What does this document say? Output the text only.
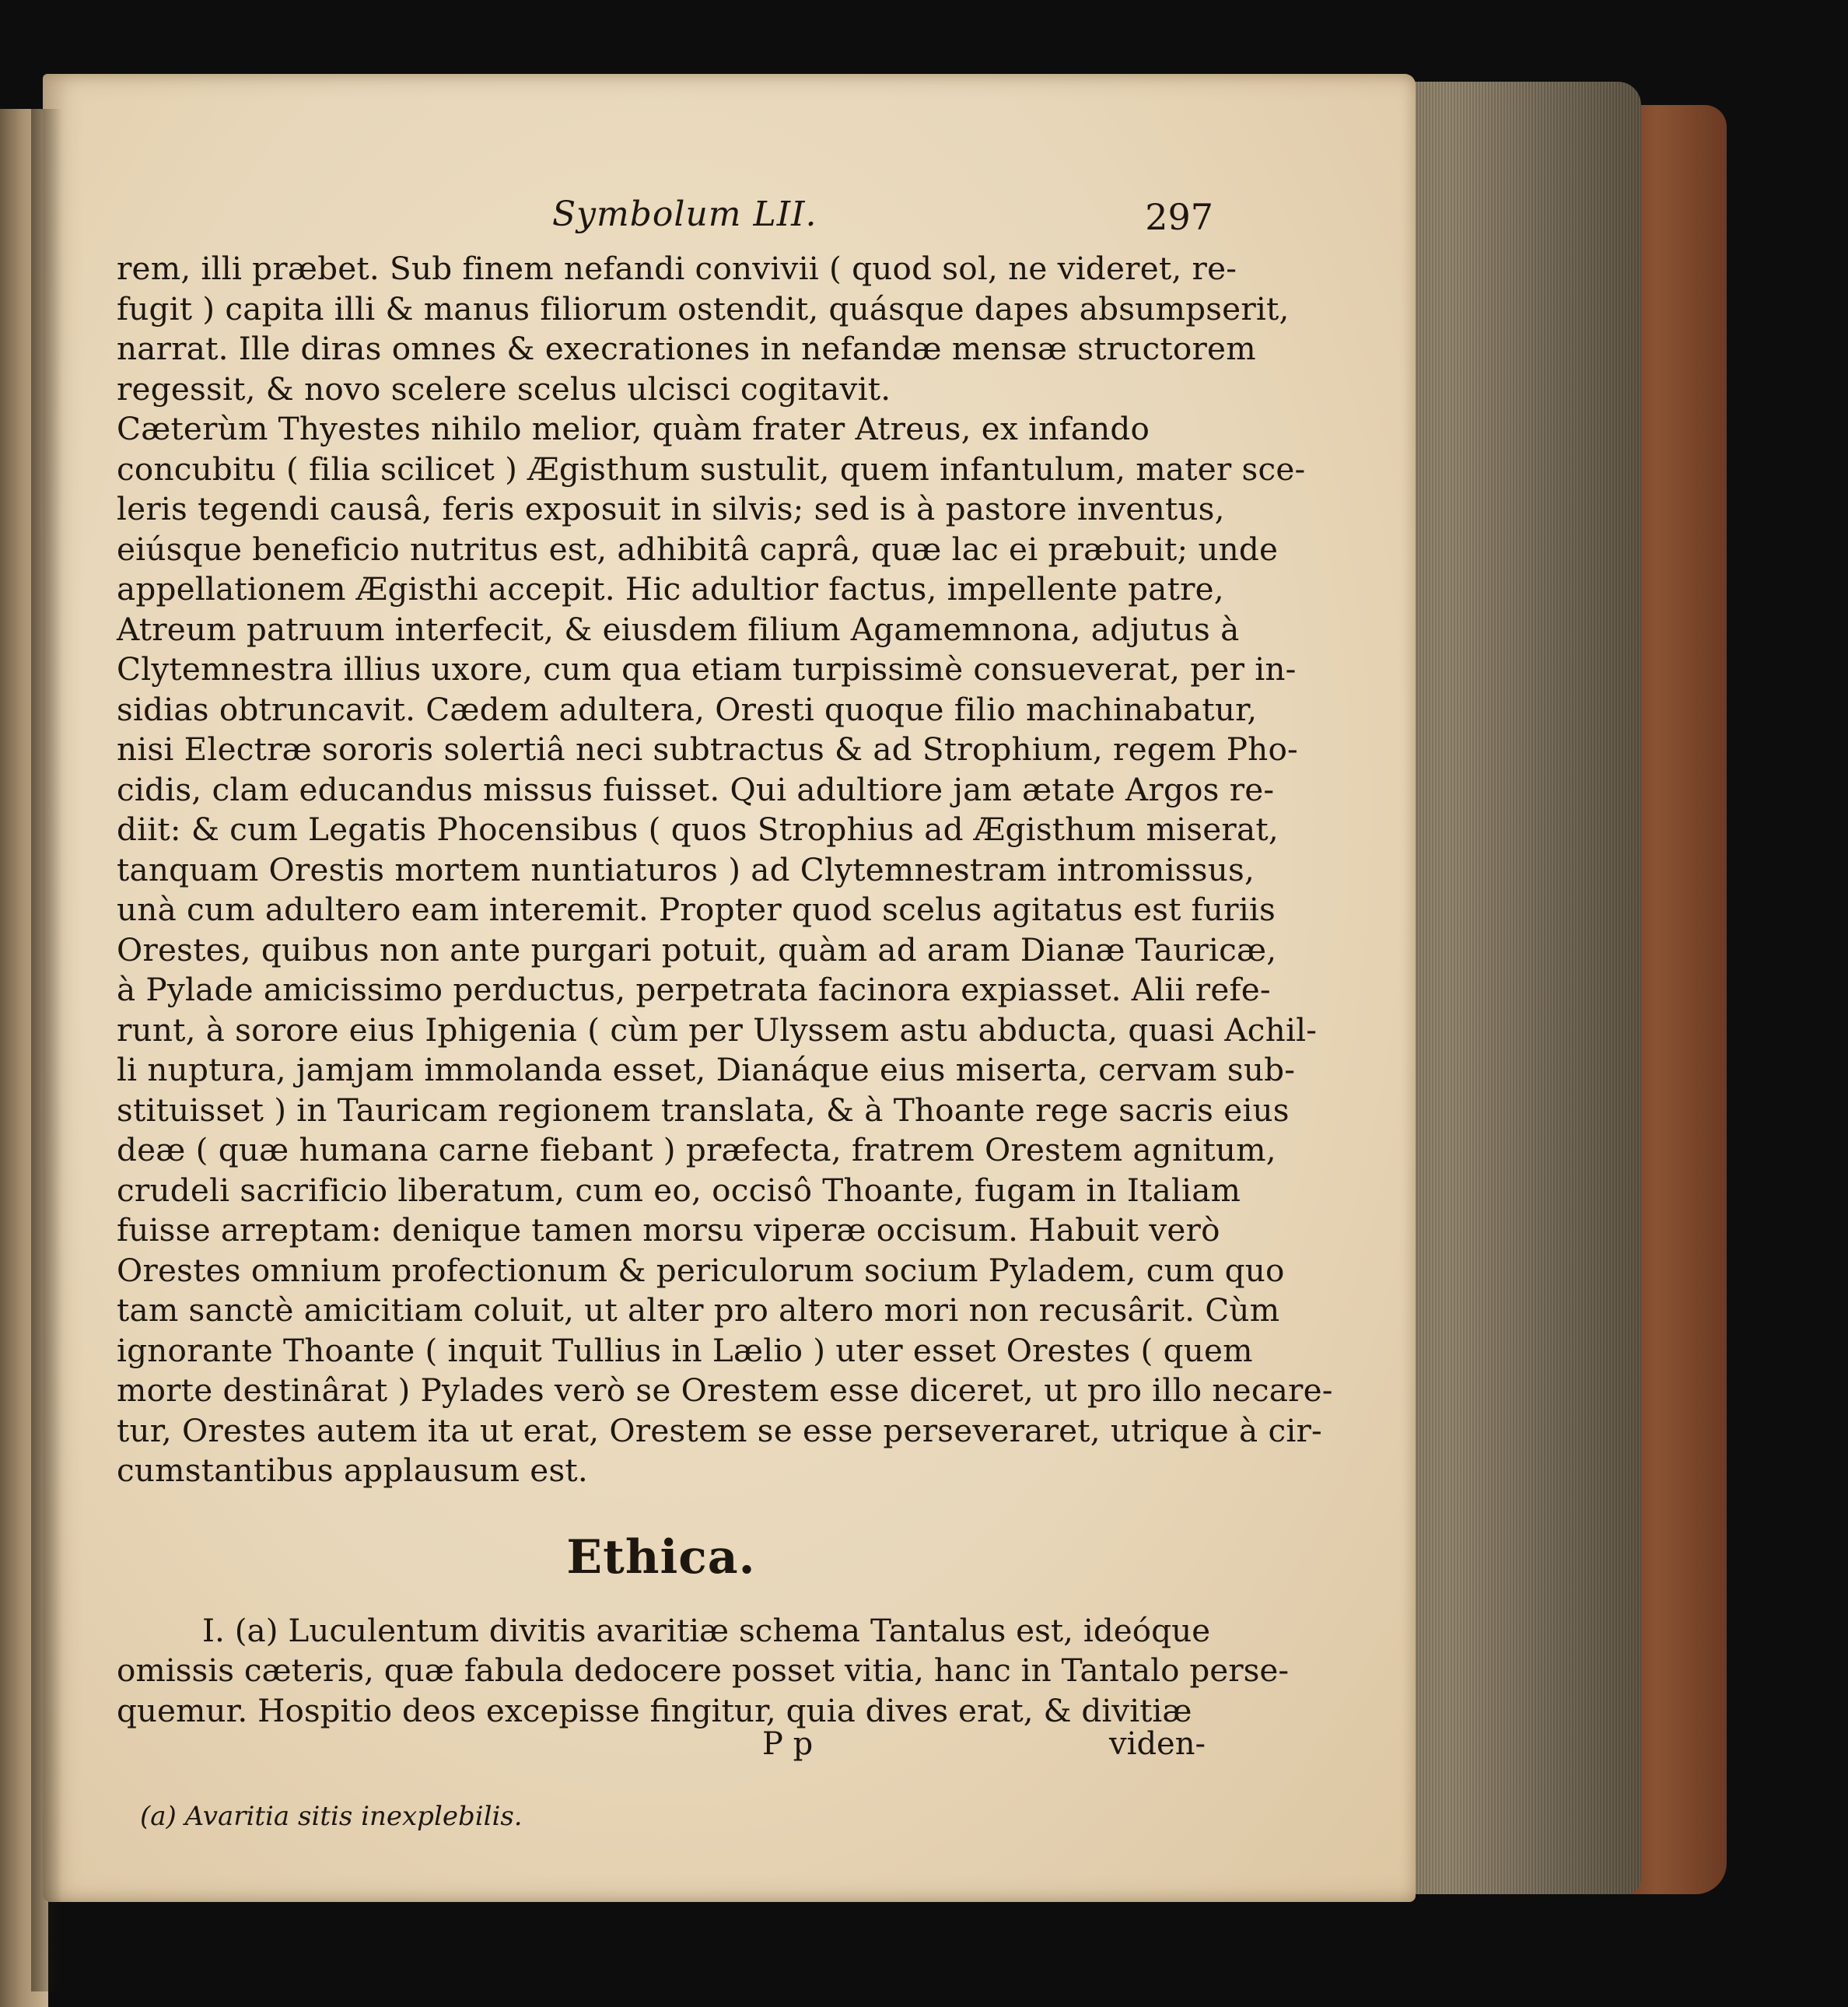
Symbolum LII.	297
rem, illi præbet. Sub finem nefandi convivii ( quod sol, ne videret, re-
fugit ) capita illi & manus filiorum ostendit, quásque dapes absumpserit,
narrat. Ille diras omnes & execrationes in nefandæ mensæ structorem
regessit, & novo scelere scelus ulcisci cogitavit.
Cæterùm Thyestes nihilo melior, quàm frater Atreus, ex infando
concubitu ( filia scilicet ) Ægisthum sustulit, quem infantulum, mater sce-
leris tegendi causâ, feris exposuit in silvis; sed is à pastore inventus,
eiúsque beneficio nutritus est, adhibitâ caprâ, quæ lac ei præbuit; unde
appellationem Ægisthi accepit. Hic adultior factus, impellente patre,
Atreum patruum interfecit, & eiusdem filium Agamemnona, adjutus à
Clytemnestra illius uxore, cum qua etiam turpissimè consueverat, per in-
sidias obtruncavit. Cædem adultera, Oresti quoque filio machinabatur,
nisi Electræ sororis solertiâ neci subtractus & ad Strophium, regem Pho-
cidis, clam educandus missus fuisset. Qui adultiore jam ætate Argos re-
diit: & cum Legatis Phocensibus ( quos Strophius ad Ægisthum miserat,
tanquam Orestis mortem nuntiaturos ) ad Clytemnestram intromissus,
unà cum adultero eam interemit. Propter quod scelus agitatus est furiis
Orestes, quibus non ante purgari potuit, quàm ad aram Dianæ Tauricæ,
à Pylade amicissimo perductus, perpetrata facinora expiasset. Alii refe-
runt, à sorore eius Iphigenia ( cùm per Ulyssem astu abducta, quasi Achil-
li nuptura, jamjam immolanda esset, Dianáque eius miserta, cervam sub-
stituisset ) in Tauricam regionem translata, & à Thoante rege sacris eius
deæ ( quæ humana carne fiebant ) præfecta, fratrem Orestem agnitum,
crudeli sacrificio liberatum, cum eo, occisô Thoante, fugam in Italiam
fuisse arreptam: denique tamen morsu viperæ occisum. Habuit verò
Orestes omnium profectionum & periculorum socium Pyladem, cum quo
tam sanctè amicitiam coluit, ut alter pro altero mori non recusârit. Cùm
ignorante Thoante ( inquit Tullius in Lælio ) uter esset Orestes ( quem
morte destinârat ) Pylades verò se Orestem esse diceret, ut pro illo necare-
tur, Orestes autem ita ut erat, Orestem se esse perseveraret, utrique à cir-
cumstantibus applausum est.
Ethica.
I. (a) Luculentum divitis avaritiæ schema Tantalus est, ideóque
omissis cæteris, quæ fabula dedocere posset vitia, hanc in Tantalo perse-
quemur. Hospitio deos excepisse fingitur, quia dives erat, & divitiæ
P p	viden-
(a) Avaritia sitis inexplebilis.
